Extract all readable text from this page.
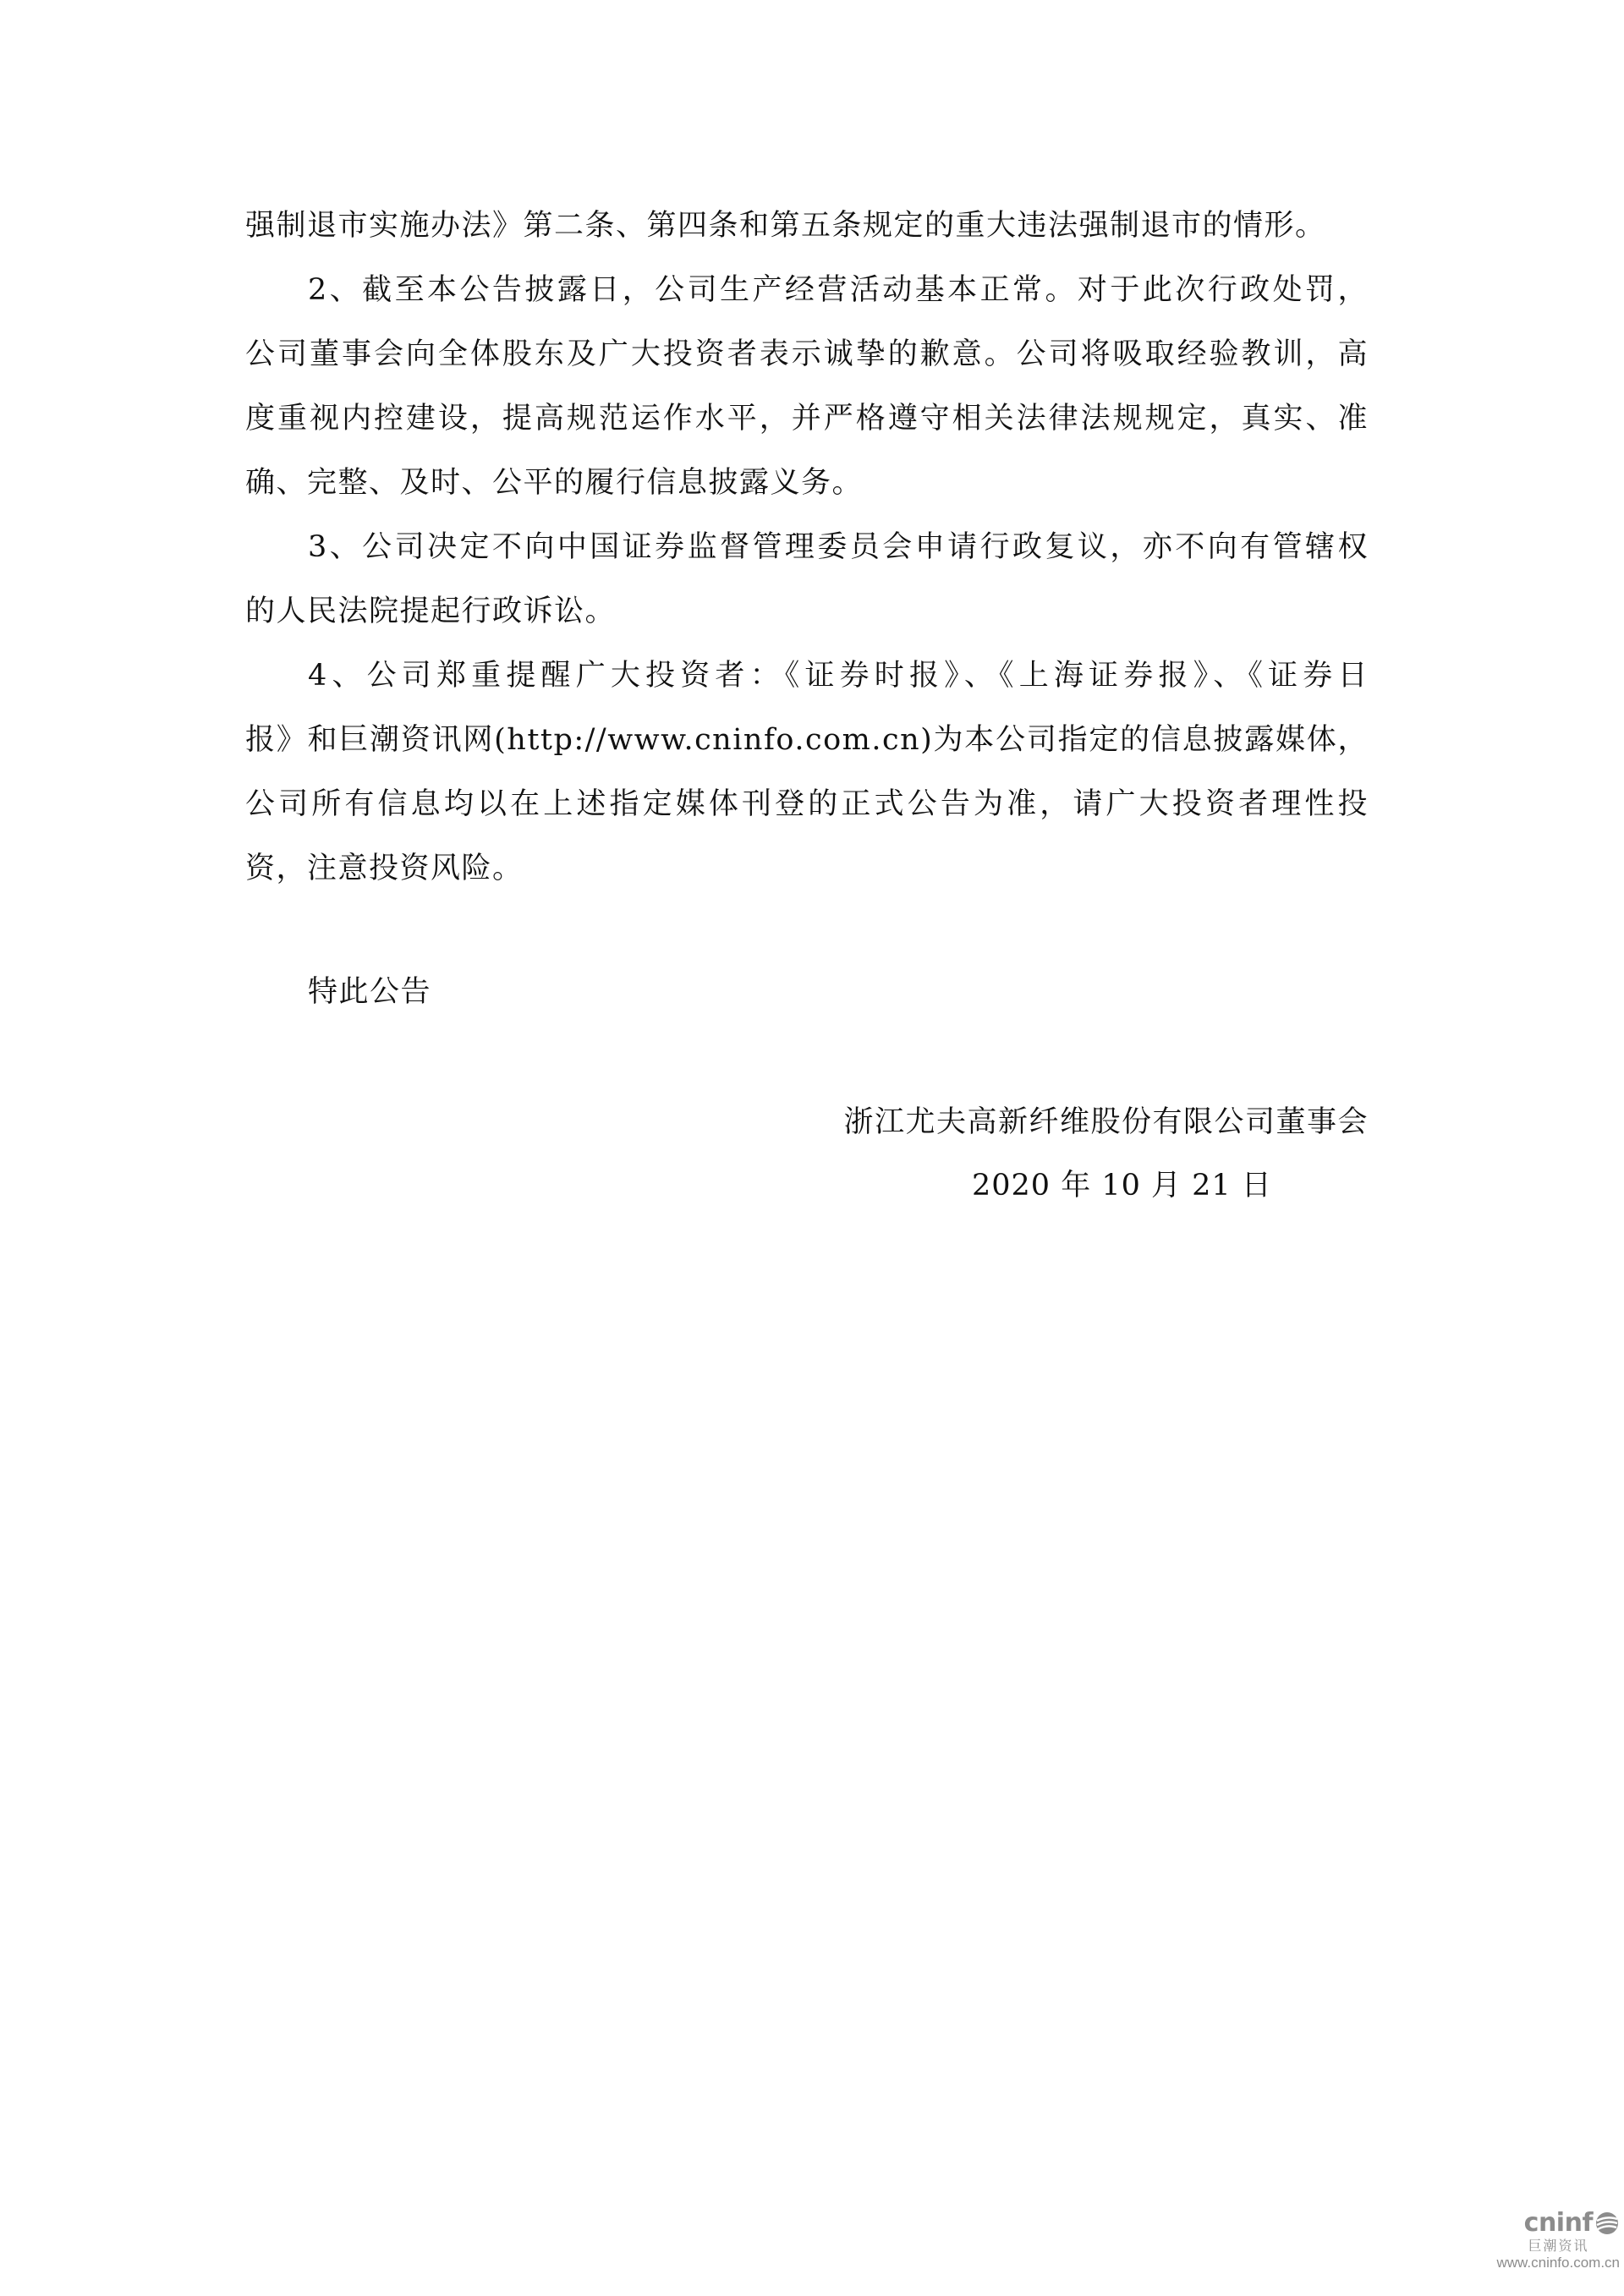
强制退市实施办法》第二条、第四条和第五条规定的重大违法强制退市的情形。
2、截至本公告披露日，公司生产经营活动基本正常。对于此次行政处罚，
公司董事会向全体股东及广大投资者表示诚挚的歉意。公司将吸取经验教训，高
度重视内控建设，提高规范运作水平，并严格遵守相关法律法规规定，真实、准
确、完整、及时、公平的履行信息披露义务。
3、公司决定不向中国证券监督管理委员会申请行政复议，亦不向有管辖权
的人民法院提起行政诉讼。
4、公司郑重提醒广大投资者：《证券时报》、《上海证券报》、《证券日
报》和巨潮资讯网(http://www.cninfo.com.cn)为本公司指定的信息披露媒体，
公司所有信息均以在上述指定媒体刊登的正式公告为准，请广大投资者理性投
资，注意投资风险。
特此公告
浙江尤夫高新纤维股份有限公司董事会
2020 年 10 月 21 日
cninf
巨潮资讯
www.cninfo.com.cn
